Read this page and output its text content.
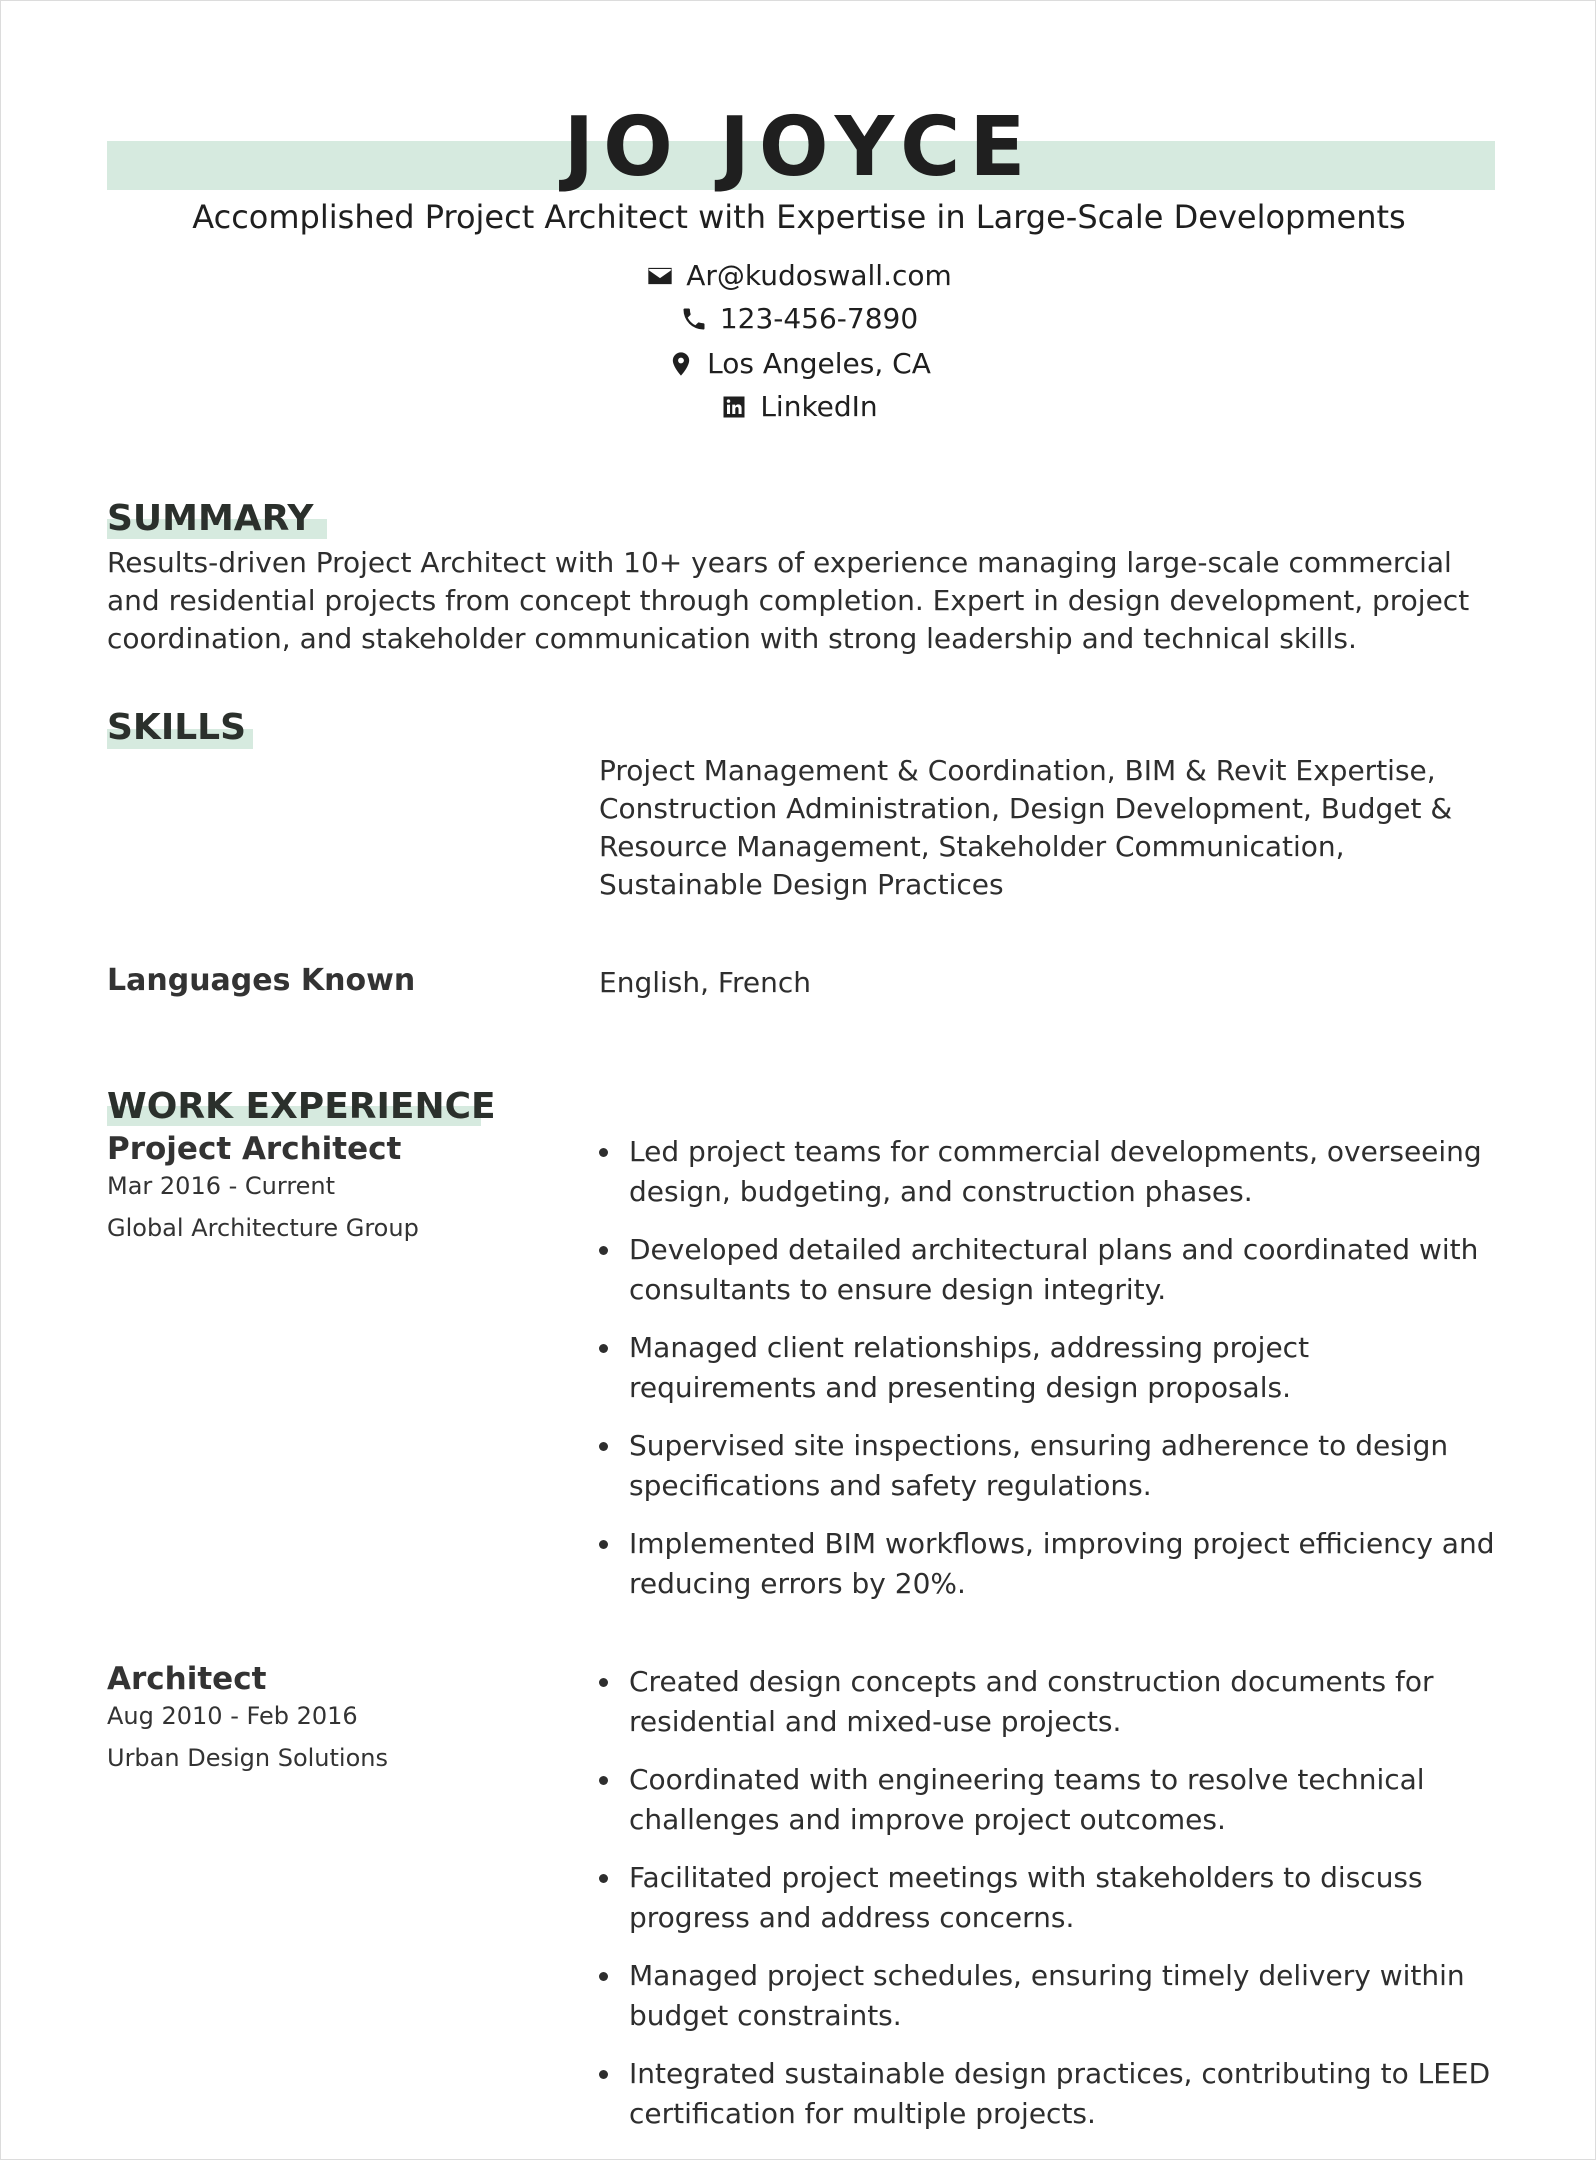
JO JOYCE
Accomplished Project Architect with Expertise in Large-Scale Developments
Ar@kudoswall.com
123-456-7890
Los Angeles, CA
LinkedIn
SUMMARY
Results-driven Project Architect with 10+ years of experience managing large-scale commercial and residential projects from concept through completion. Expert in design development, project coordination, and stakeholder communication with strong leadership and technical skills.
SKILLS
Project Management & Coordination, BIM & Revit Expertise, Construction Administration, Design Development, Budget & Resource Management, Stakeholder Communication, Sustainable Design Practices
Languages Known	English, French
WORK EXPERIENCE
Project Architect
Mar 2016 - Current
Global Architecture Group
Led project teams for commercial developments, overseeing design, budgeting, and construction phases.
Developed detailed architectural plans and coordinated with consultants to ensure design integrity.
Managed client relationships, addressing project requirements and presenting design proposals.
Supervised site inspections, ensuring adherence to design specifications and safety regulations.
Implemented BIM workflows, improving project efficiency and reducing errors by 20%.
Architect
Aug 2010 - Feb 2016
Urban Design Solutions
Created design concepts and construction documents for residential and mixed-use projects.
Coordinated with engineering teams to resolve technical challenges and improve project outcomes.
Facilitated project meetings with stakeholders to discuss progress and address concerns.
Managed project schedules, ensuring timely delivery within budget constraints.
Integrated sustainable design practices, contributing to LEED certification for multiple projects.
